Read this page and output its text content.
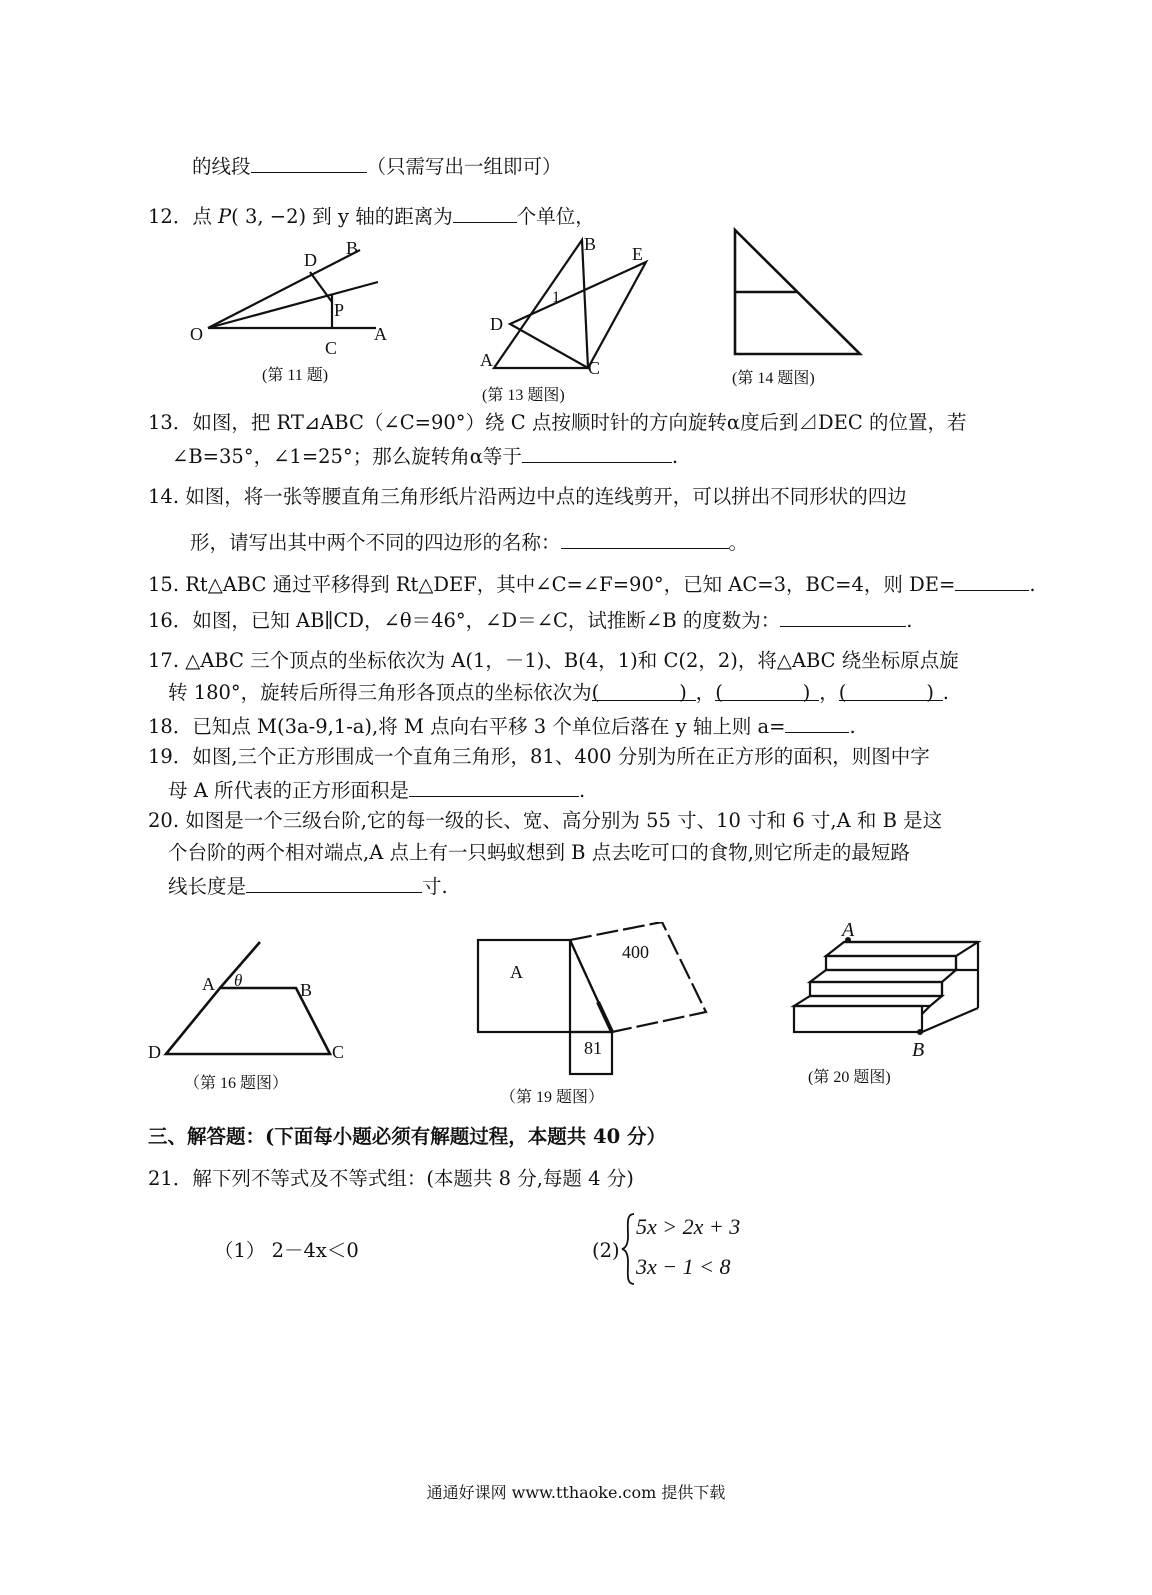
的线段	（只需写出一组即可）
12．点 P( 3, −2) 到 y 轴的距离为	个单位，
D
B
P
O
C
A
(第 11 题)
B E
1
D
A	C
(第 13 题图)
(第 14 题图)
13．如图，把 RT⊿ABC（∠C=90°）绕 C 点按顺时针的方向旋转α度后到⊿DEC 的位置，若
∠B=35°，∠1=25°；那么旋转角α等于	.
14. 如图，将一张等腰直角三角形纸片沿两边中点的连线剪开，可以拼出不同形状的四边
形，请写出其中两个不同的四边形的名称：	。
15. Rt△ABC 通过平移得到 Rt△DEF，其中∠C=∠F=90°，已知 AC=3，BC=4，则 DE=	.
16．如图，已知 AB∥CD，∠θ＝46°，∠D＝∠C，试推断∠B 的度数为：	.
17. △ABC 三个顶点的坐标依次为 A(1，－1)、B(4，1)和 C(2，2)，将△ABC 绕坐标原点旋
转 180°，旋转后所得三角形各顶点的坐标依次为(	) ，(	) ，(	) .
18．已知点 M(3a-9,1-a),将 M 点向右平移 3 个单位后落在 y 轴上则 a=	.
19．如图,三个正方形围成一个直角三角形，81、400 分别为所在正方形的面积，则图中字
母 A 所代表的正方形面积是	.
20. 如图是一个三级台阶,它的每一级的长、宽、高分别为 55 寸、10 寸和 6 寸,A 和 B 是这
个台阶的两个相对端点,A 点上有一只蚂蚁想到 B 点去吃可口的食物,则它所走的最短路
线长度是	寸.
A θ	B
D	C
（第 16 题图）
A
400
81
（第 19 题图）
A
B
(第 20 题图)
三、解答题：(下面每小题必须有解题过程，本题共 40 分）
21．解下列不等式及不等式组：(本题共 8 分,每题 4 分)
（1） 2－4x＜0	(2)
5x > 2x + 3
3x − 1 < 8
通通好课网 www.tthaoke.com 提供下载
